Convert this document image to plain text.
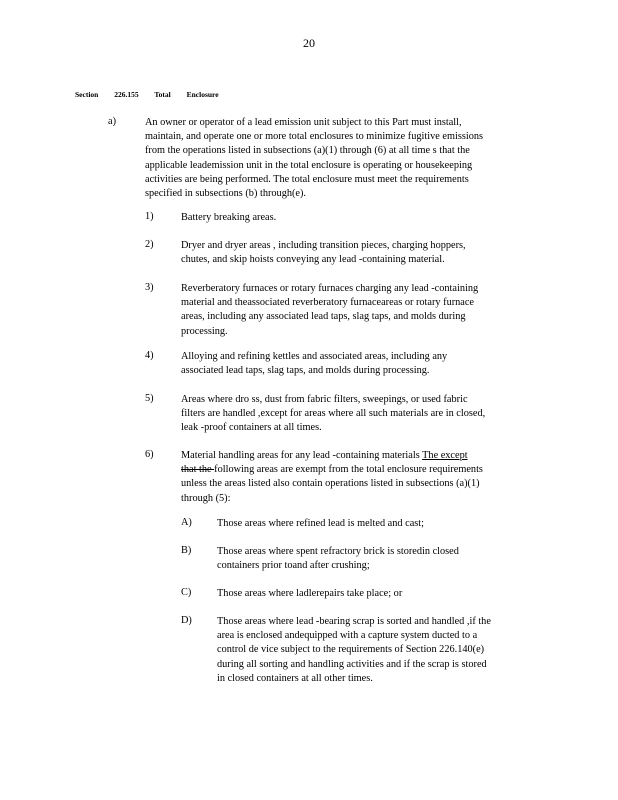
20
Section 226.155 Total Enclosure
a)	An owner or operator of a lead emission unit subject to this Part must install,
maintain, and operate one or more total enclosures to minimize fugitive emissions
from the operations listed in subsections (a)(1) through (6) at all time s that the
applicable leademission unit in the total enclosure is operating or housekeeping
activities are being performed. The total enclosure must meet the requirements
specified in subsections (b) through(e).
1)	Battery breaking areas.
2)	Dryer and dryer areas , including transition pieces, charging hoppers,
chutes, and skip hoists conveying any lead -containing material.
3)	Reverberatory furnaces or rotary furnaces charging any lead -containing
material and theassociated reverberatory furnaceareas or rotary furnace
areas, including any associated lead taps, slag taps, and molds during
processing.
4)	Alloying and refining kettles and associated areas, including any
associated lead taps, slag taps, and molds during processing.
5)	Areas where dro ss, dust from fabric filters, sweepings, or used fabric
filters are handled ,except for areas where all such materials are in closed,
leak -proof containers at all times.
6)	Material handling areas for any lead -containing materials The except
that the following areas are exempt from the total enclosure requirements
unless the areas listed also contain operations listed in subsections (a)(1)
through (5):
A) Those areas where refined lead is melted and cast;
B) Those areas where spent refractory brick is storedin closed
containers prior toand after crushing;
C) Those areas where ladlerepairs take place; or
D) Those areas where lead -bearing scrap is sorted and handled ,if the
area is enclosed andequipped with a capture system ducted to a
control de vice subject to the requirements of Section 226.140(e)
during all sorting and handling activities and if the scrap is stored
in closed containers at all other times.
